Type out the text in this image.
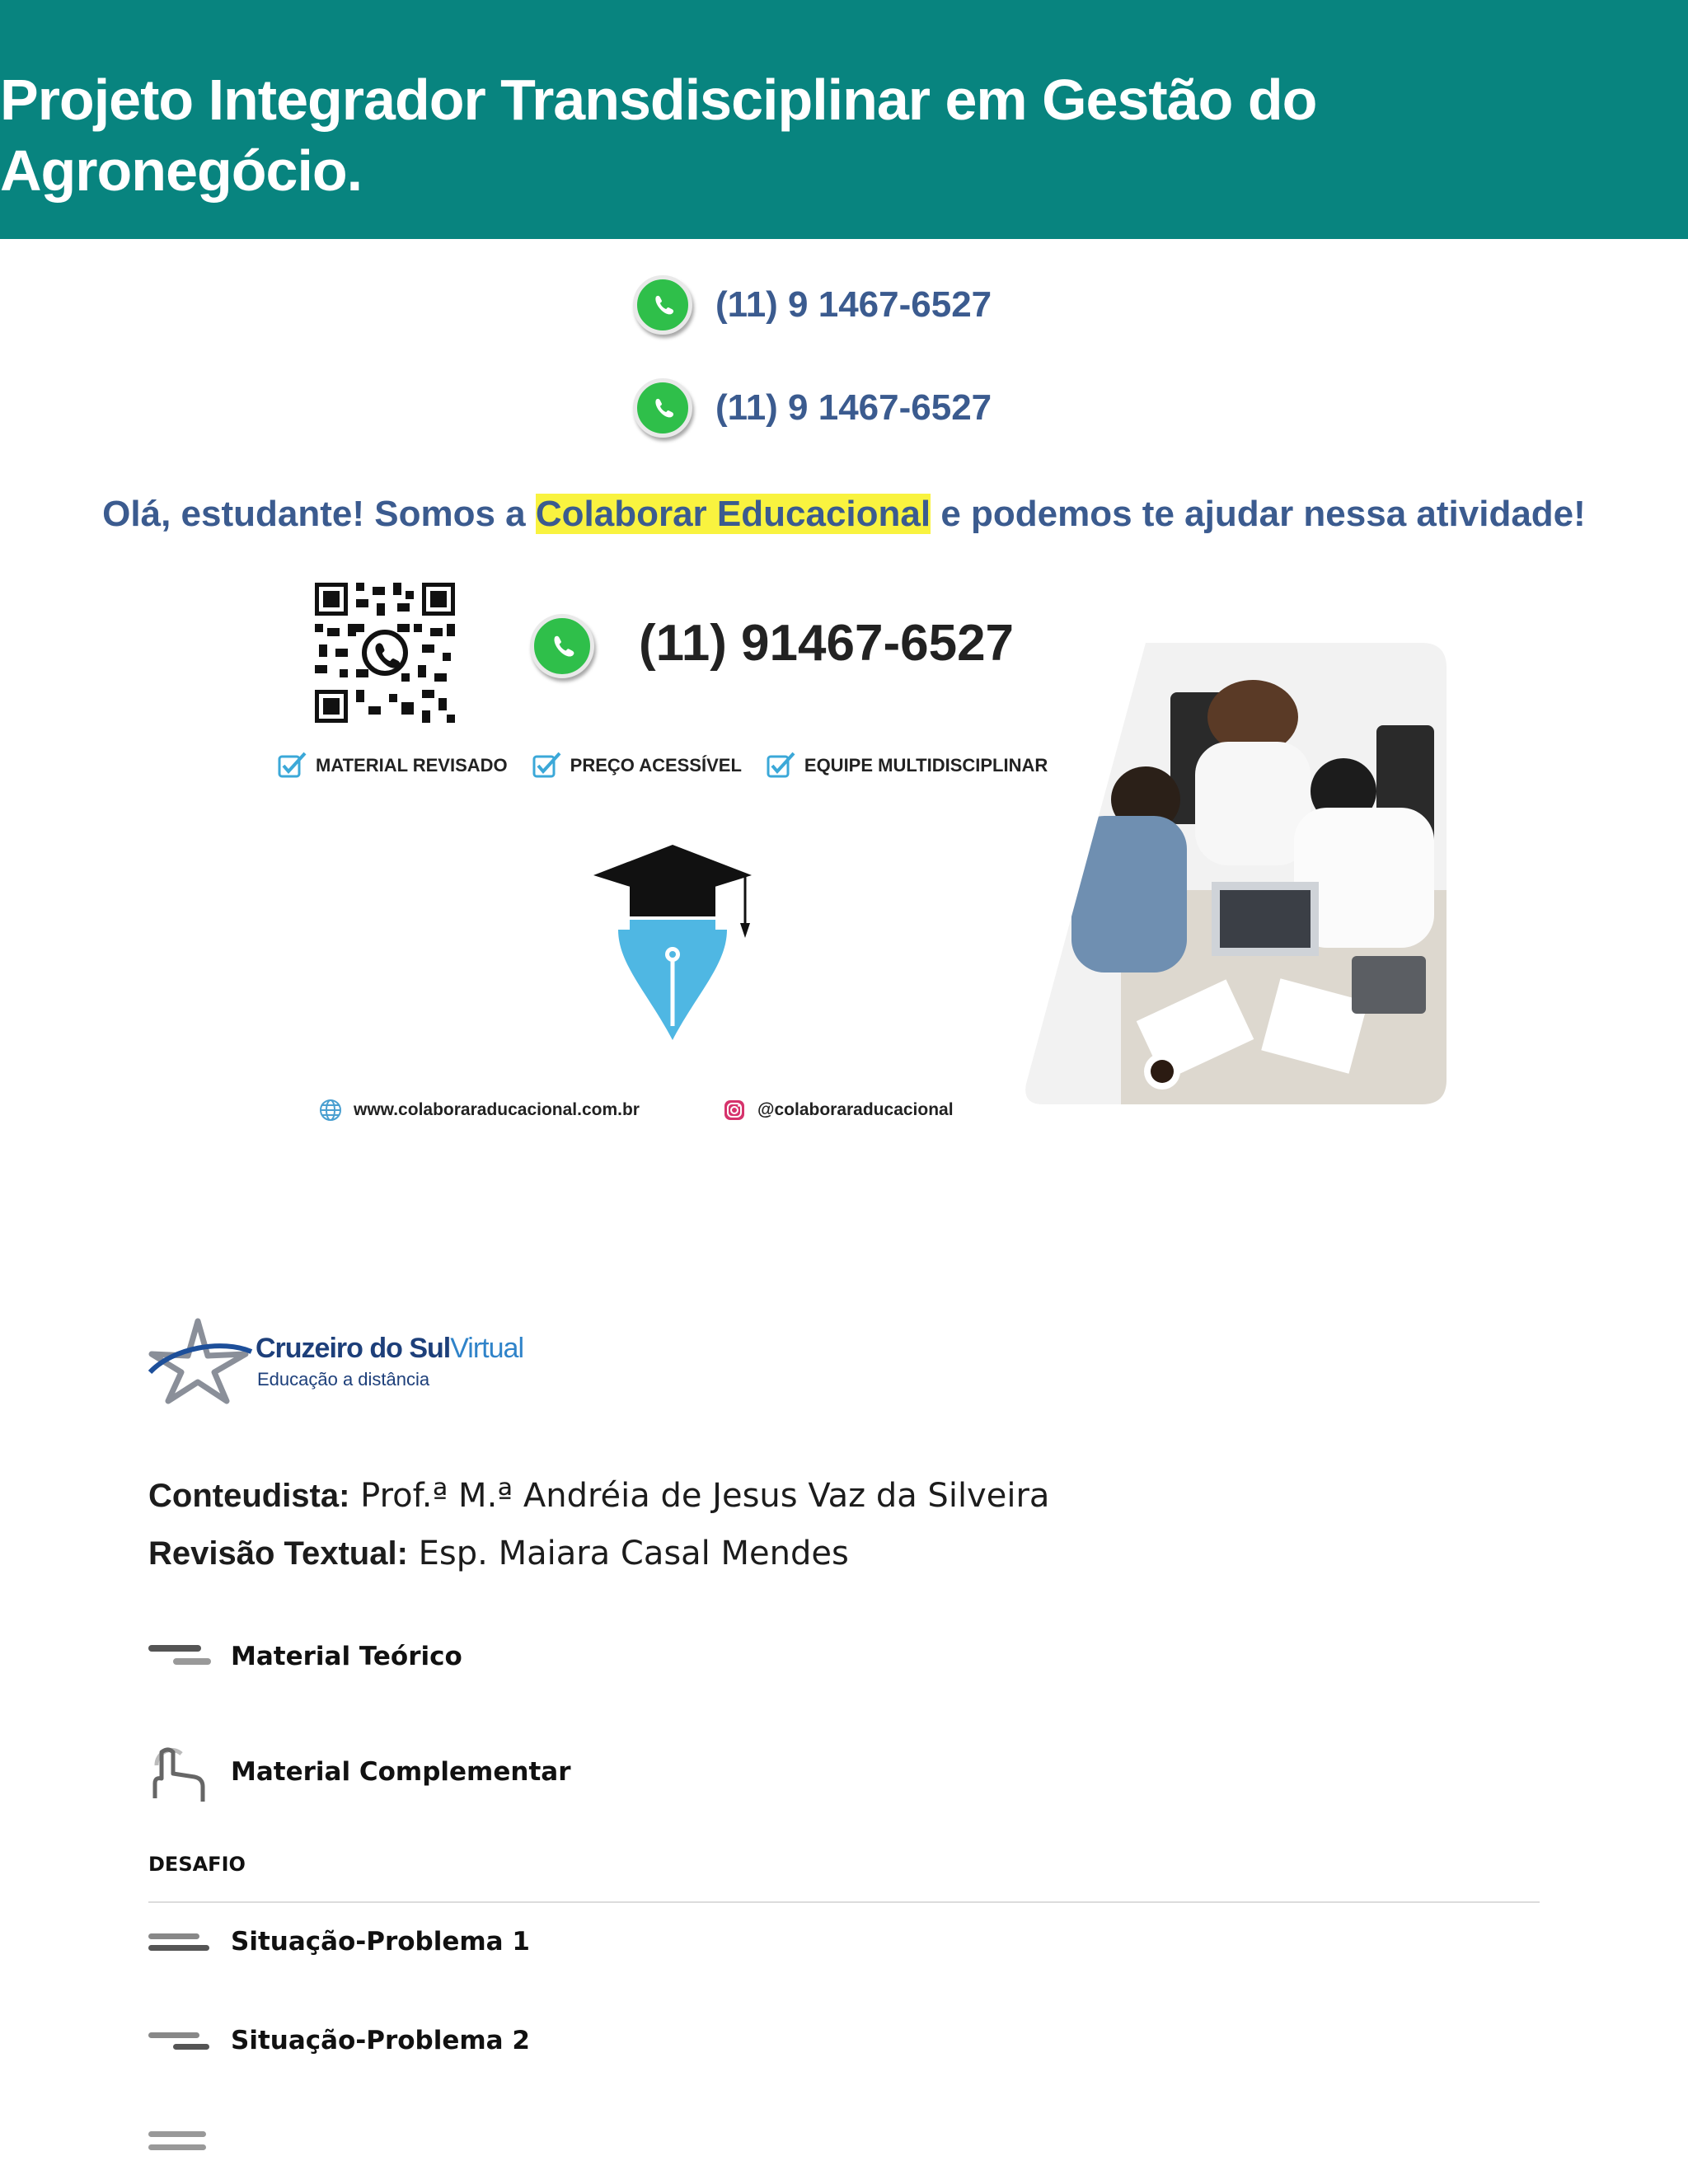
Projeto Integrador Transdisciplinar em Gestão do Agronegócio.
(11) 9 1467-6527
(11) 9 1467-6527
Olá, estudante! Somos a Colaborar Educacional e podemos te ajudar nessa atividade!
(11) 91467-6527
MATERIAL REVISADO	PREÇO ACESSÍVEL	EQUIPE MULTIDISCIPLINAR
www.colaboraraducacional.com.br	@colaboraraducacional
Cruzeiro do SulVirtual
Educação a distância
Conteudista: Prof.ª M.ª Andréia de Jesus Vaz da Silveira
Revisão Textual: Esp. Maiara Casal Mendes
Material Teórico
Material Complementar
DESAFIO
Situação-Problema 1
Situação-Problema 2
